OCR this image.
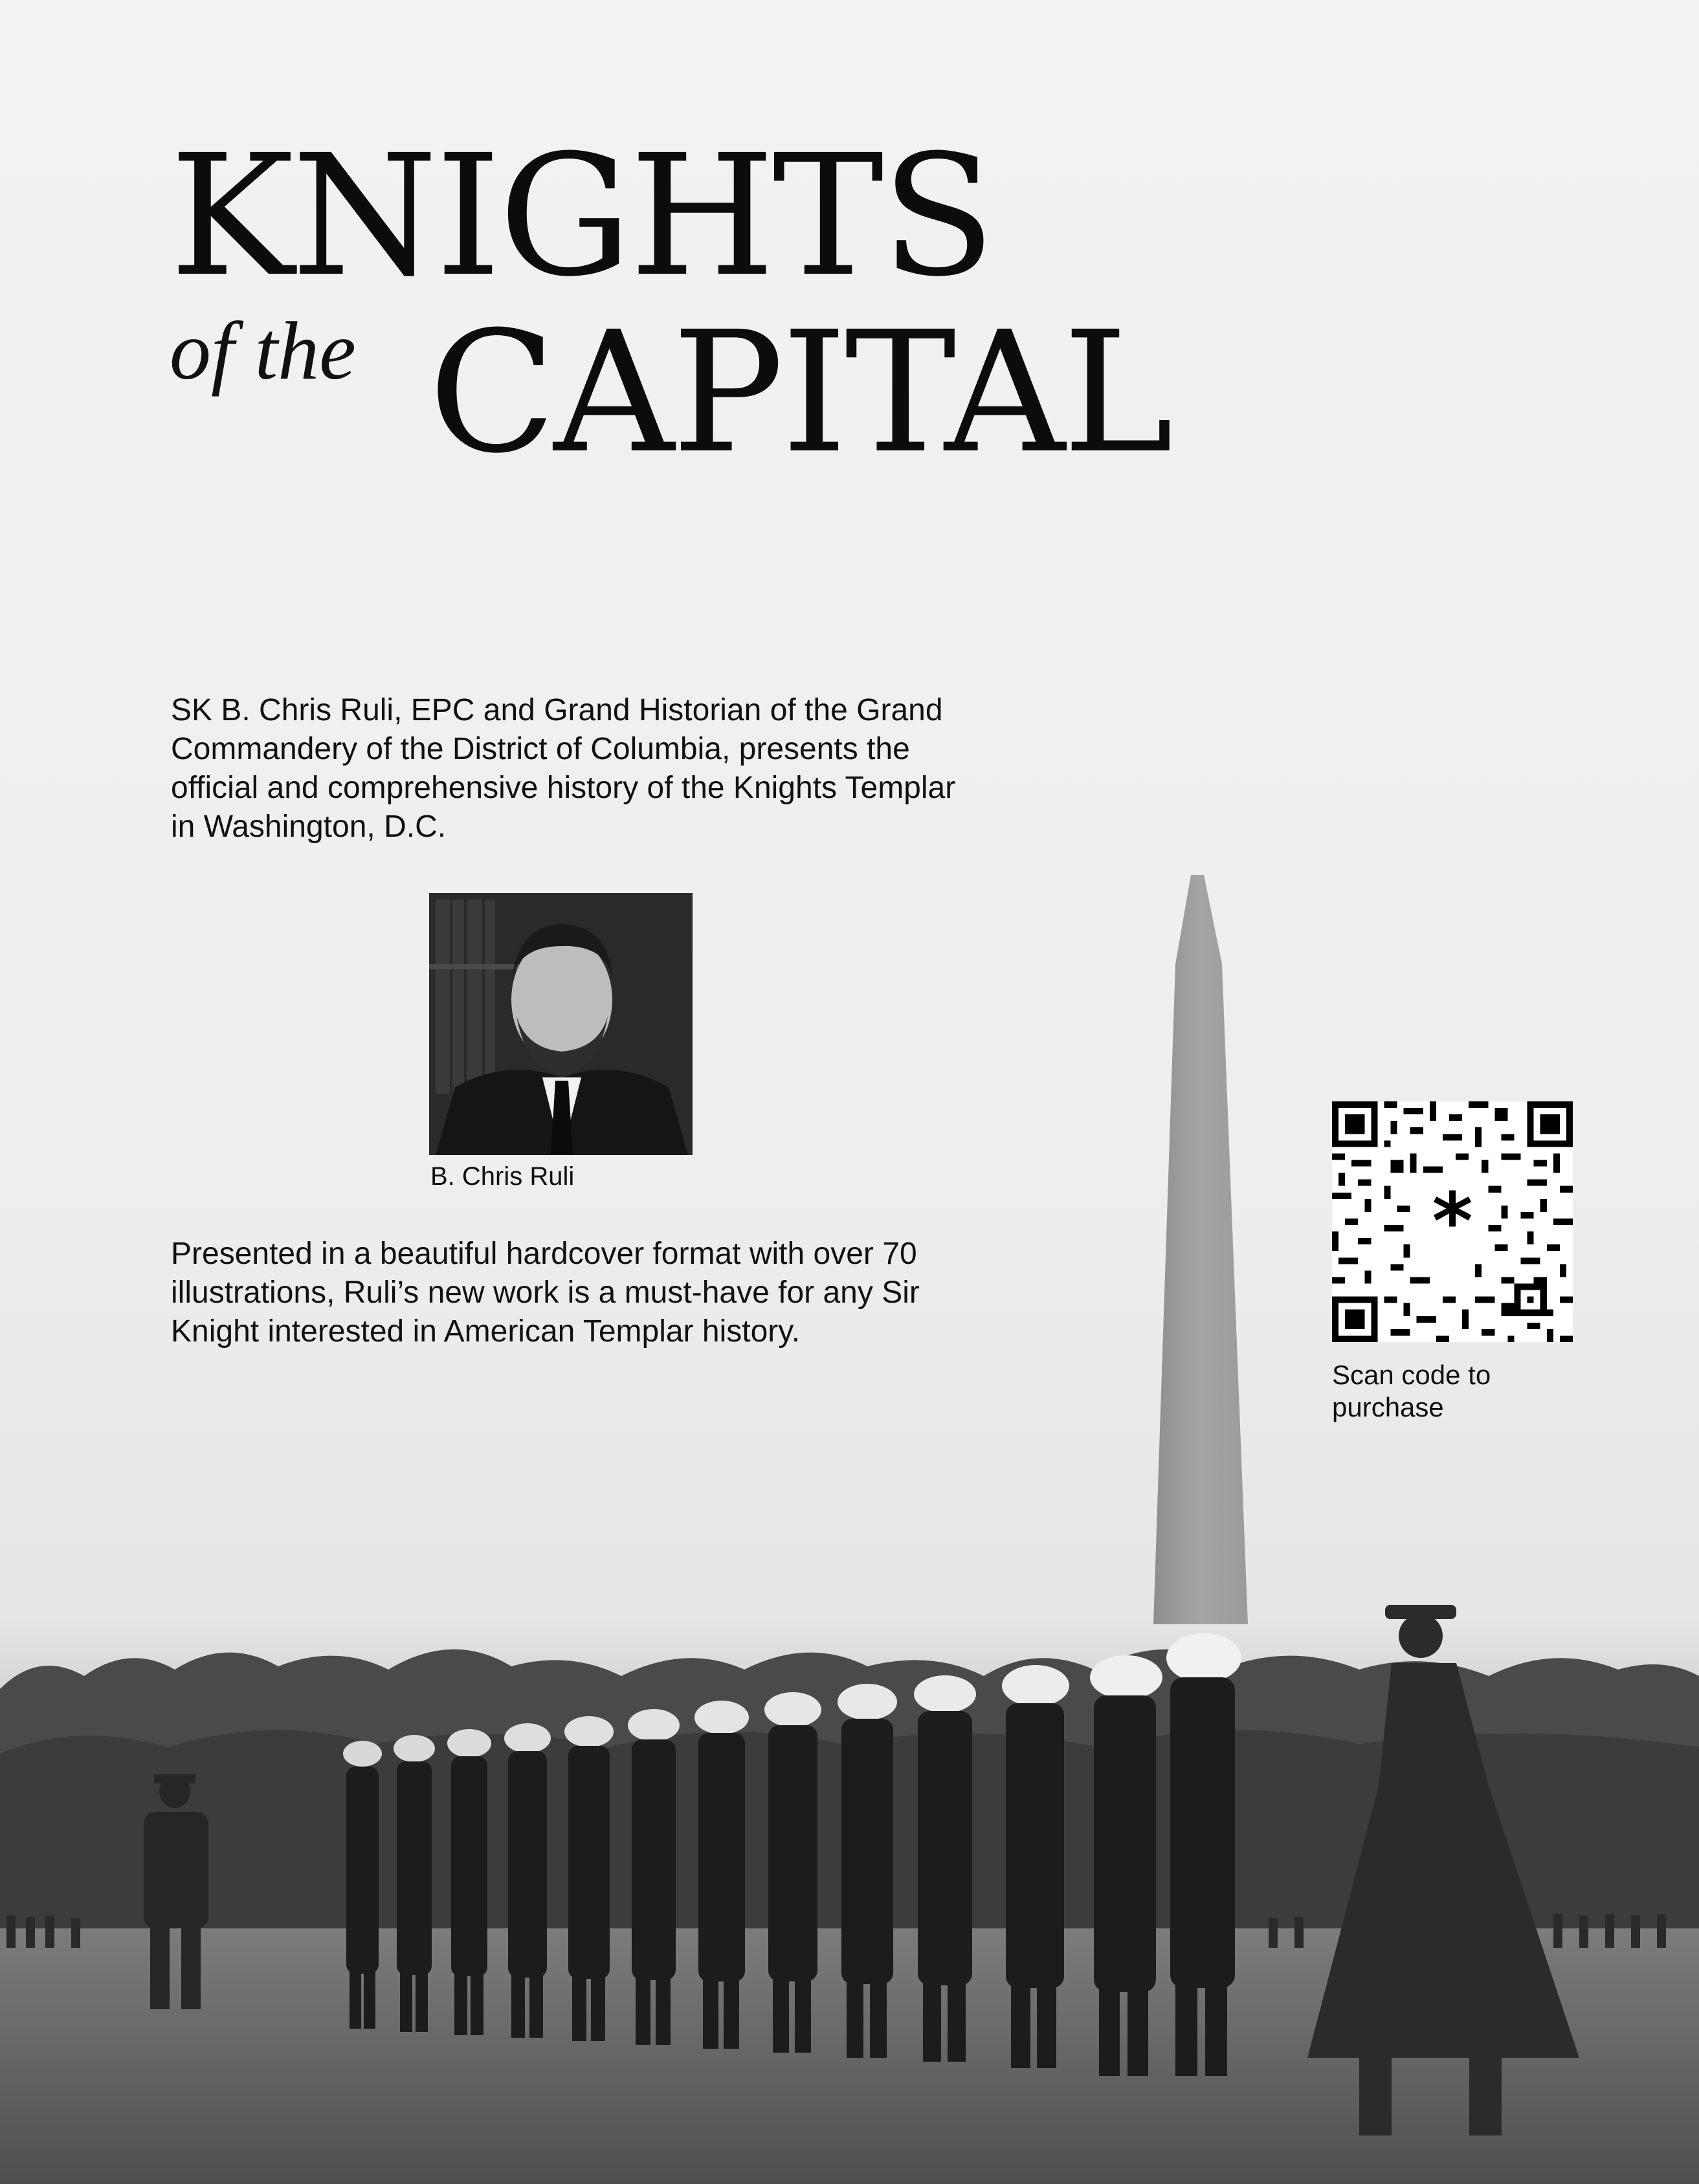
KNIGHTS
of the CAPITAL

SK B. Chris Ruli, EPC and Grand Historian of the Grand Commandery of the District of Columbia, presents the official and comprehensive history of the Knights Templar in Washington, D.C.

B. Chris Ruli

Presented in a beautiful hardcover format with over 70 illustrations, Ruli’s new work is a must-have for any Sir Knight interested in American Templar history.

*
Scan code to purchase
